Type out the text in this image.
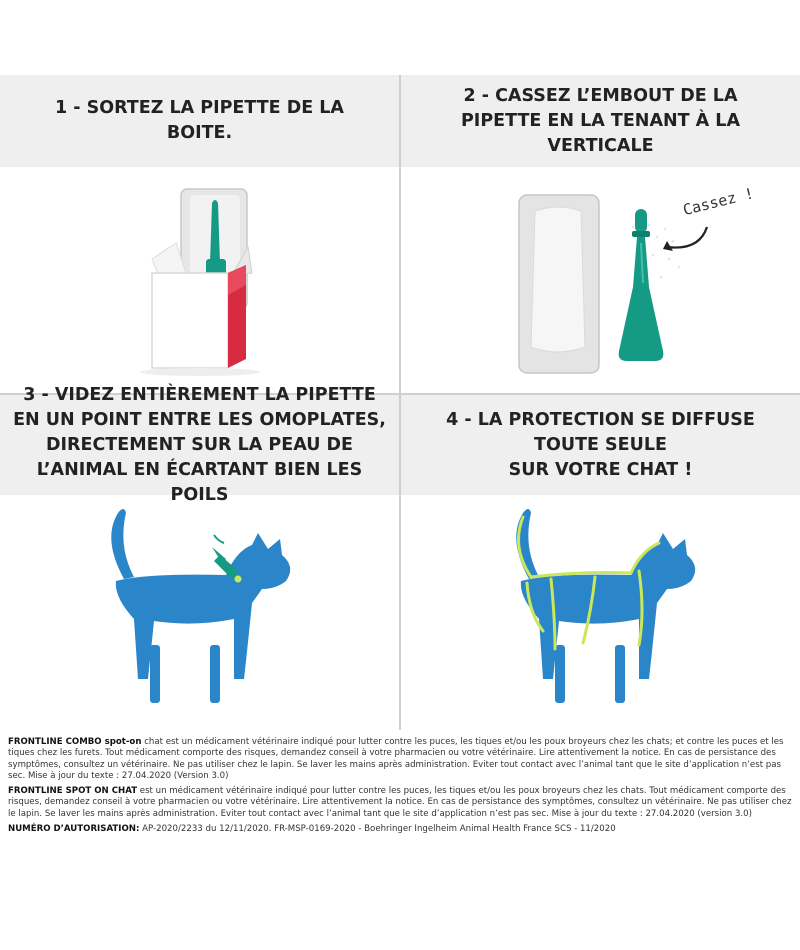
1 - SORTEZ LA PIPETTE DE LA
BOITE.
2 - CASSEZ L’EMBOUT DE LA
PIPETTE EN LA TENANT À LA
VERTICALE
Cassez !
3 - VIDEZ ENTIÈREMENT LA PIPETTE
EN UN POINT ENTRE LES OMOPLATES,
DIRECTEMENT SUR LA PEAU DE
L’ANIMAL EN ÉCARTANT BIEN LES POILS
4 - LA PROTECTION SE DIFFUSE
TOUTE SEULE
SUR VOTRE CHAT !

FRONTLINE COMBO spot-on chat est un médicament vétérinaire indiqué pour lutter contre les puces, les tiques et/ou les poux broyeurs chez les chats; et contre les puces et les tiques chez les furets. Tout médicament comporte des risques, demandez conseil à votre pharmacien ou votre vétérinaire. Lire attentivement la notice. En cas de persistance des symptômes, consultez un vétérinaire. Ne pas utiliser chez le lapin. Se laver les mains après administration. Eviter tout contact avec l’animal tant que le site d’application n’est pas sec. Mise à jour du texte : 27.04.2020 (Version 3.0)

FRONTLINE SPOT ON CHAT est un médicament vétérinaire indiqué pour lutter contre les puces, les tiques et/ou les poux broyeurs chez les chats. Tout médicament comporte des risques, demandez conseil à votre pharmacien ou votre vétérinaire. Lire attentivement la notice. En cas de persistance des symptômes, consultez un vétérinaire. Ne pas utiliser chez le lapin. Se laver les mains après administration. Eviter tout contact avec l’animal tant que le site d’application n’est pas sec. Mise à jour du texte : 27.04.2020 (version 3.0)

NUMÉRO D’AUTORISATION: AP-2020/2233 du 12/11/2020. FR-MSP-0169-2020 - Boehringer Ingelheim Animal Health France SCS - 11/2020
